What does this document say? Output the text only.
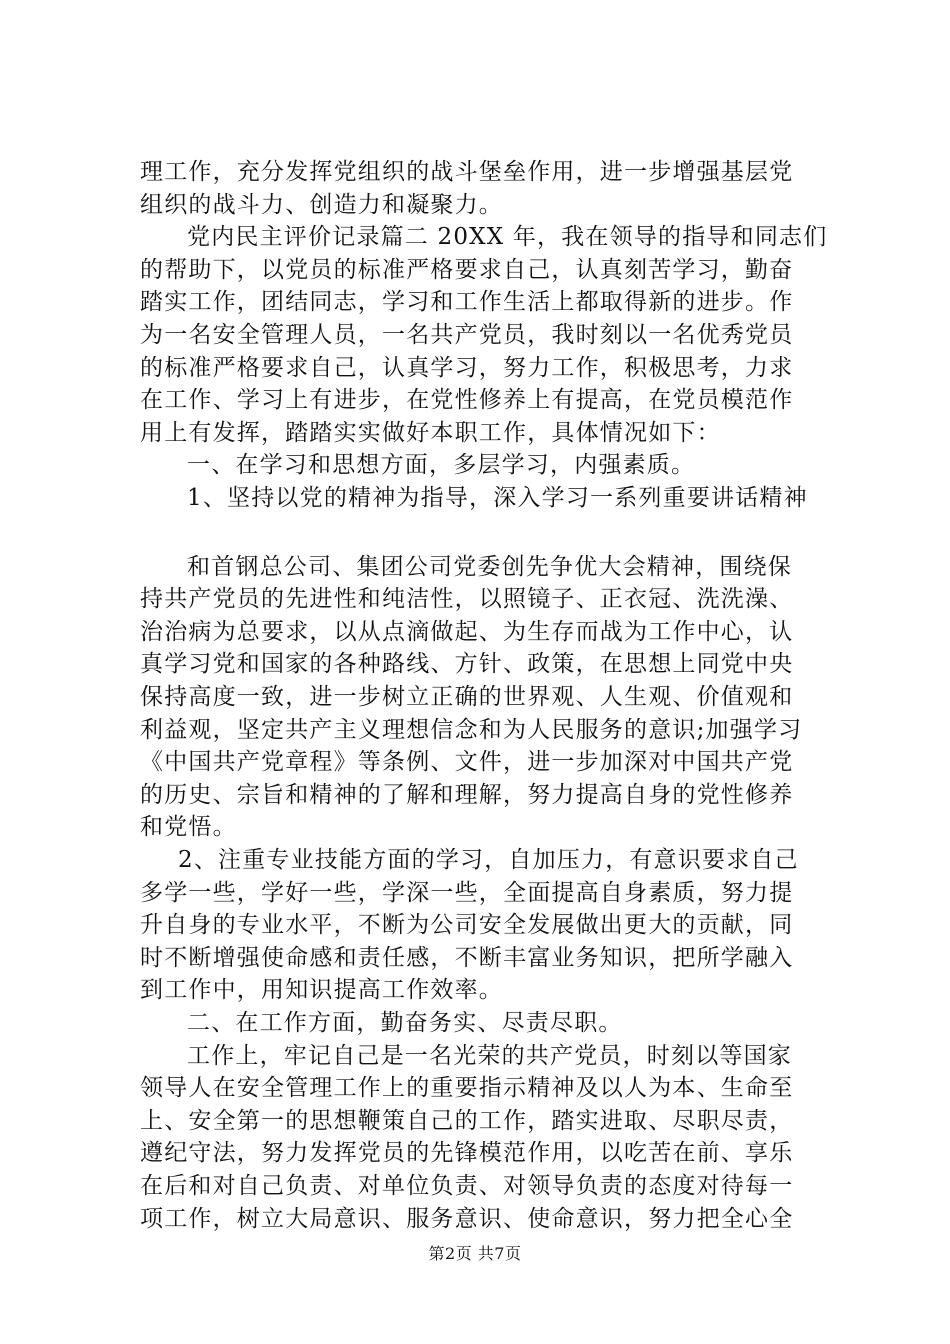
理工作，充分发挥党组织的战斗堡垒作用，进一步增强基层党
组织的战斗力、创造力和凝聚力。
党内民主评价记录篇二 20XX 年，我在领导的指导和同志们
的帮助下，以党员的标准严格要求自己，认真刻苦学习，勤奋
踏实工作，团结同志，学习和工作生活上都取得新的进步。作
为一名安全管理人员，一名共产党员，我时刻以一名优秀党员
的标准严格要求自己，认真学习，努力工作，积极思考，力求
在工作、学习上有进步，在党性修养上有提高，在党员模范作
用上有发挥，踏踏实实做好本职工作，具体情况如下：
一、在学习和思想方面，多层学习，内强素质。
1、坚持以党的精神为指导，深入学习一系列重要讲话精神
和首钢总公司、集团公司党委创先争优大会精神，围绕保
持共产党员的先进性和纯洁性，以照镜子、正衣冠、洗洗澡、
治治病为总要求，以从点滴做起、为生存而战为工作中心，认
真学习党和国家的各种路线、方针、政策，在思想上同党中央
保持高度一致，进一步树立正确的世界观、人生观、价值观和
利益观，坚定共产主义理想信念和为人民服务的意识;加强学习
《中国共产党章程》等条例、文件，进一步加深对中国共产党
的历史、宗旨和精神的了解和理解，努力提高自身的党性修养
和党悟。
2、注重专业技能方面的学习，自加压力，有意识要求自己
多学一些，学好一些，学深一些，全面提高自身素质，努力提
升自身的专业水平，不断为公司安全发展做出更大的贡献，同
时不断增强使命感和责任感，不断丰富业务知识，把所学融入
到工作中，用知识提高工作效率。
二、在工作方面，勤奋务实、尽责尽职。
工作上，牢记自己是一名光荣的共产党员，时刻以等国家
领导人在安全管理工作上的重要指示精神及以人为本、生命至
上、安全第一的思想鞭策自己的工作，踏实进取、尽职尽责，
遵纪守法，努力发挥党员的先锋模范作用，以吃苦在前、享乐
在后和对自己负责、对单位负责、对领导负责的态度对待每一
项工作，树立大局意识、服务意识、使命意识，努力把全心全
第2页 共7页
